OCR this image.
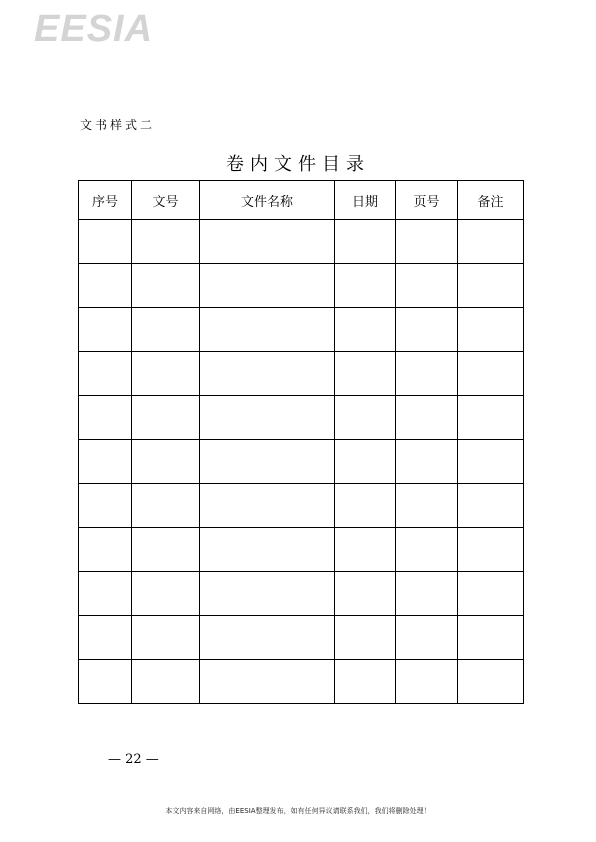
EESIA
文书样式二
卷内文件目录
序号	文号	文件名称	日期	页号	备注

— 22 —
本文内容来自网络，由EESIA整理发布，如有任何异议请联系我们，我们将删除处理！
